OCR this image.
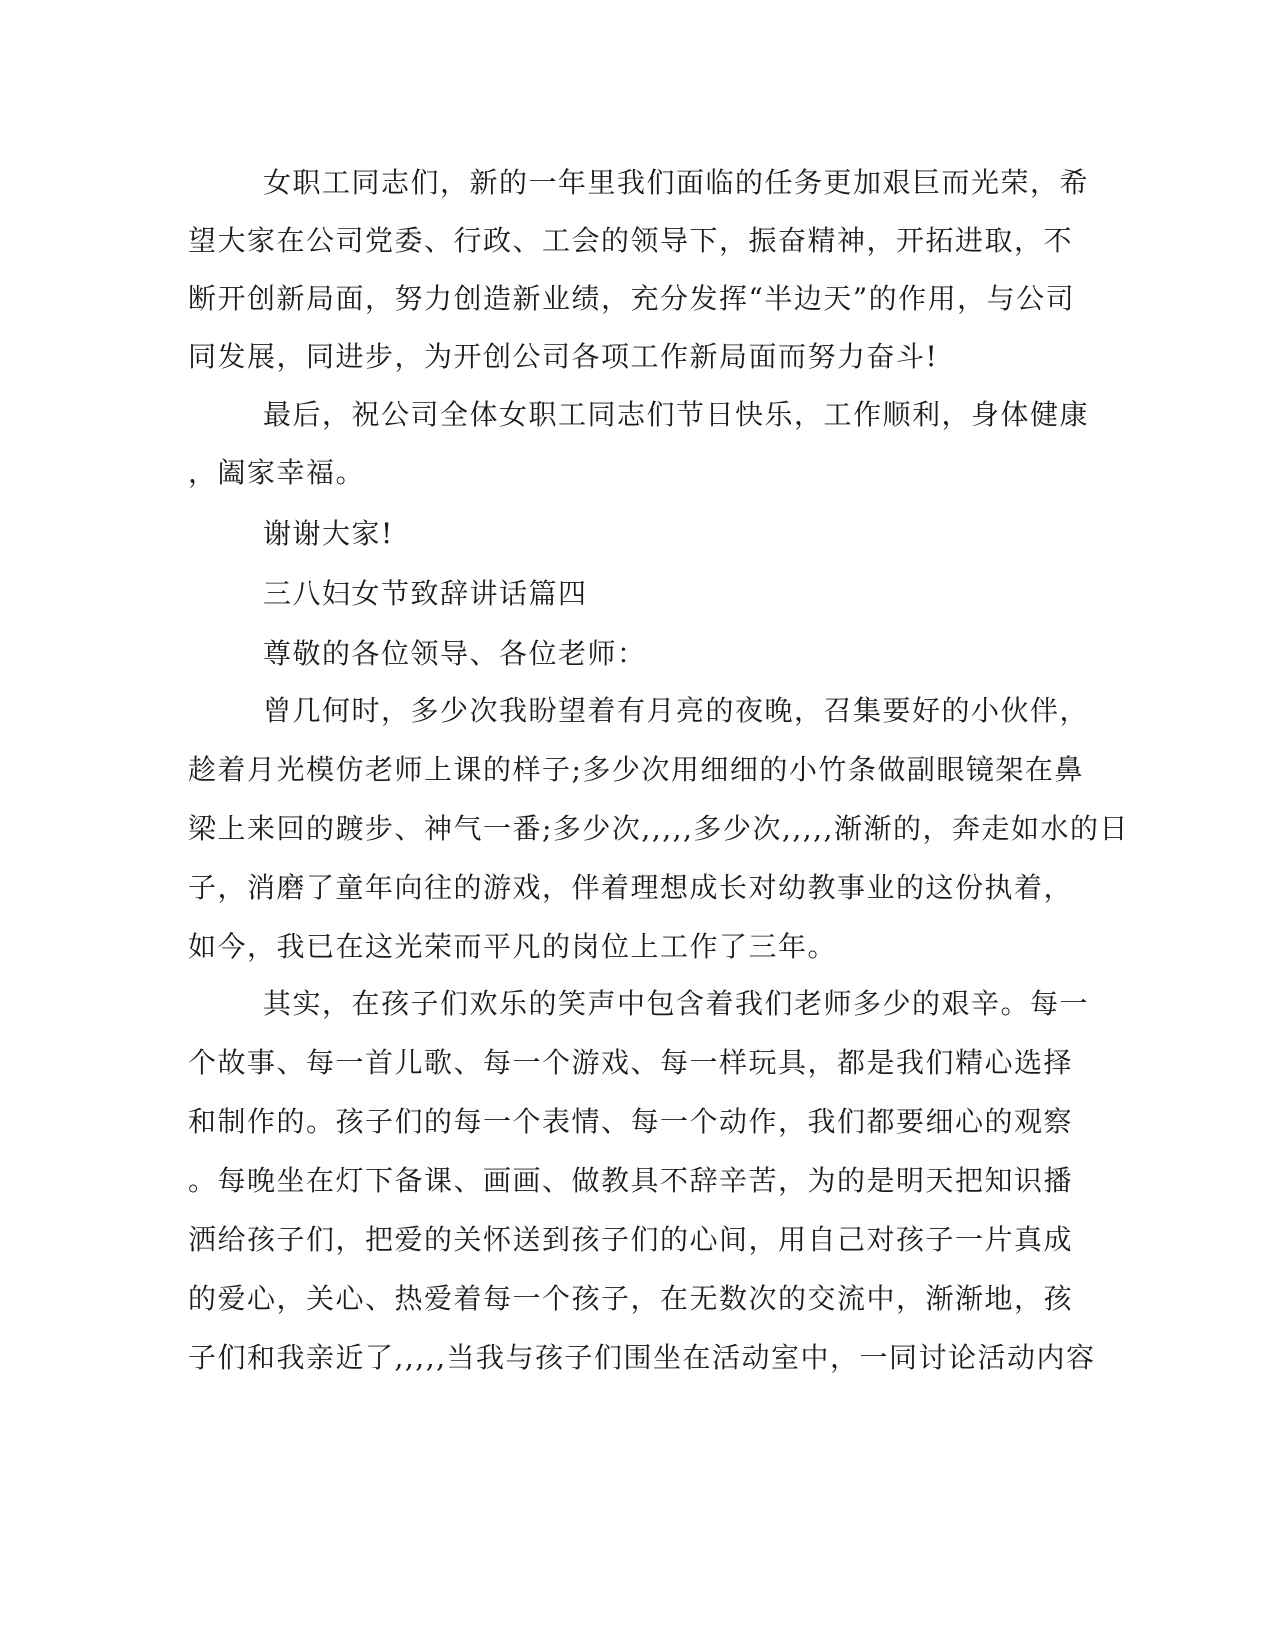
女职工同志们，新的一年里我们面临的任务更加艰巨而光荣，希
望大家在公司党委、行政、工会的领导下，振奋精神，开拓进取，不
断开创新局面，努力创造新业绩，充分发挥“半边天”的作用，与公司
同发展，同进步，为开创公司各项工作新局面而努力奋斗!
最后，祝公司全体女职工同志们节日快乐，工作顺利，身体健康
，阖家幸福。
谢谢大家!
三八妇女节致辞讲话篇四
尊敬的各位领导、各位老师：
曾几何时，多少次我盼望着有月亮的夜晚，召集要好的小伙伴，
趁着月光模仿老师上课的样子;多少次用细细的小竹条做副眼镜架在鼻
梁上来回的踱步、神气一番;多少次,,,,,多少次,,,,,渐渐的，奔走如水的日
子，消磨了童年向往的游戏，伴着理想成长对幼教事业的这份执着，
如今，我已在这光荣而平凡的岗位上工作了三年。
其实，在孩子们欢乐的笑声中包含着我们老师多少的艰辛。每一
个故事、每一首儿歌、每一个游戏、每一样玩具，都是我们精心选择
和制作的。孩子们的每一个表情、每一个动作，我们都要细心的观察
。每晚坐在灯下备课、画画、做教具不辞辛苦，为的是明天把知识播
洒给孩子们，把爱的关怀送到孩子们的心间，用自己对孩子一片真成
的爱心，关心、热爱着每一个孩子，在无数次的交流中，渐渐地，孩
子们和我亲近了,,,,,当我与孩子们围坐在活动室中，一同讨论活动内容
